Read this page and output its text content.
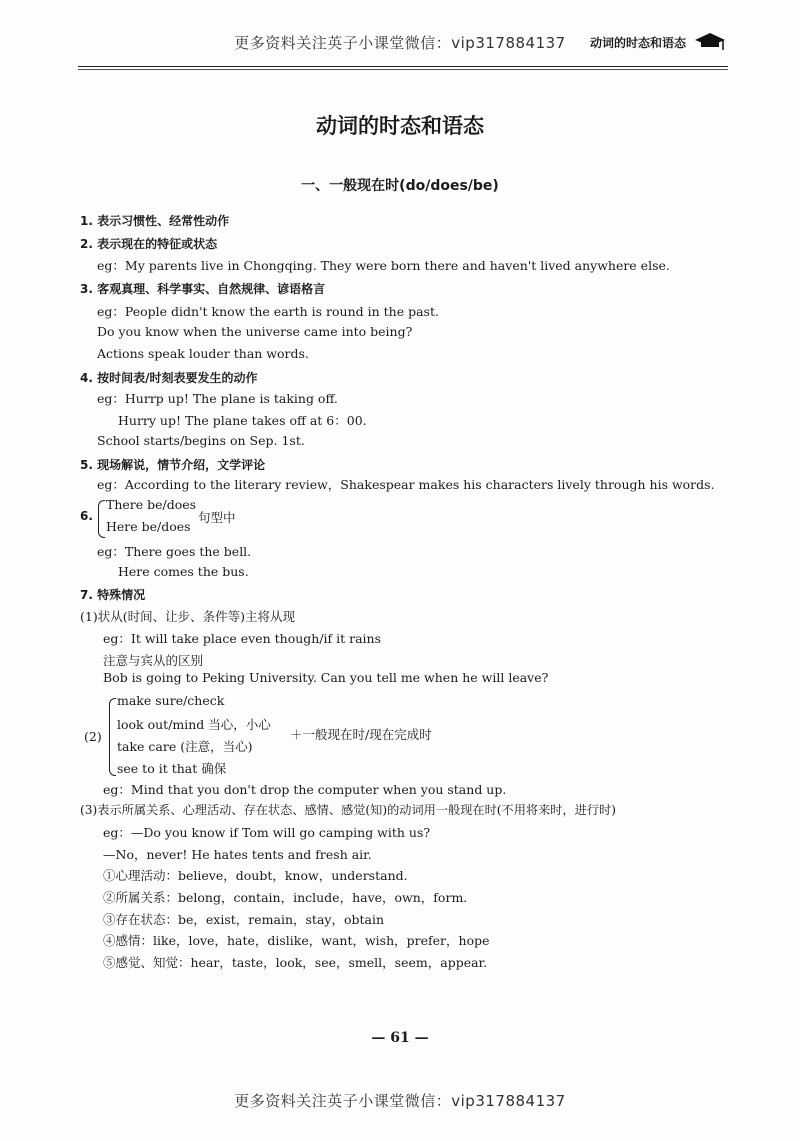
更多资料关注英子小课堂微信：vip317884137	动词的时态和语态
动词的时态和语态
一、一般现在时(do/does/be)
1. 表示习惯性、经常性动作
2. 表示现在的特征或状态
eg：My parents live in Chongqing. They were born there and haven't lived anywhere else.
3. 客观真理、科学事实、自然规律、谚语格言
eg：People didn't know the earth is round in the past.
Do you know when the universe came into being?
Actions speak louder than words.
4. 按时间表/时刻表要发生的动作
eg：Hurrp up! The plane is taking off.
Hurry up! The plane takes off at 6：00.
School starts/begins on Sep. 1st.
5. 现场解说，情节介绍，文学评论
eg：According to the literary review，Shakespear makes his characters lively through his words.
6.
There be/does
Here be/does
句型中
eg：There goes the bell.
Here comes the bus.
7. 特殊情况
(1)状从(时间、让步、条件等)主将从现
eg：It will take place even though/if it rains
注意与宾从的区别
Bob is going to Peking University. Can you tell me when he will leave?
(2)
make sure/check
look out/mind 当心，小心
take care (注意，当心)
see to it that 确保
＋一般现在时/现在完成时
eg：Mind that you don't drop the computer when you stand up.
(3)表示所属关系、心理活动、存在状态、感情、感觉(知)的动词用一般现在时(不用将来时，进行时)
eg：—Do you know if Tom will go camping with us?
—No，never! He hates tents and fresh air.
①心理活动：believe，doubt，know，understand.
②所属关系：belong，contain，include，have，own，form.
③存在状态：be，exist，remain，stay，obtain
④感情：like，love，hate，dislike，want，wish，prefer，hope
⑤感觉、知觉：hear，taste，look，see，smell，seem，appear.
— 61 —
更多资料关注英子小课堂微信：vip317884137
